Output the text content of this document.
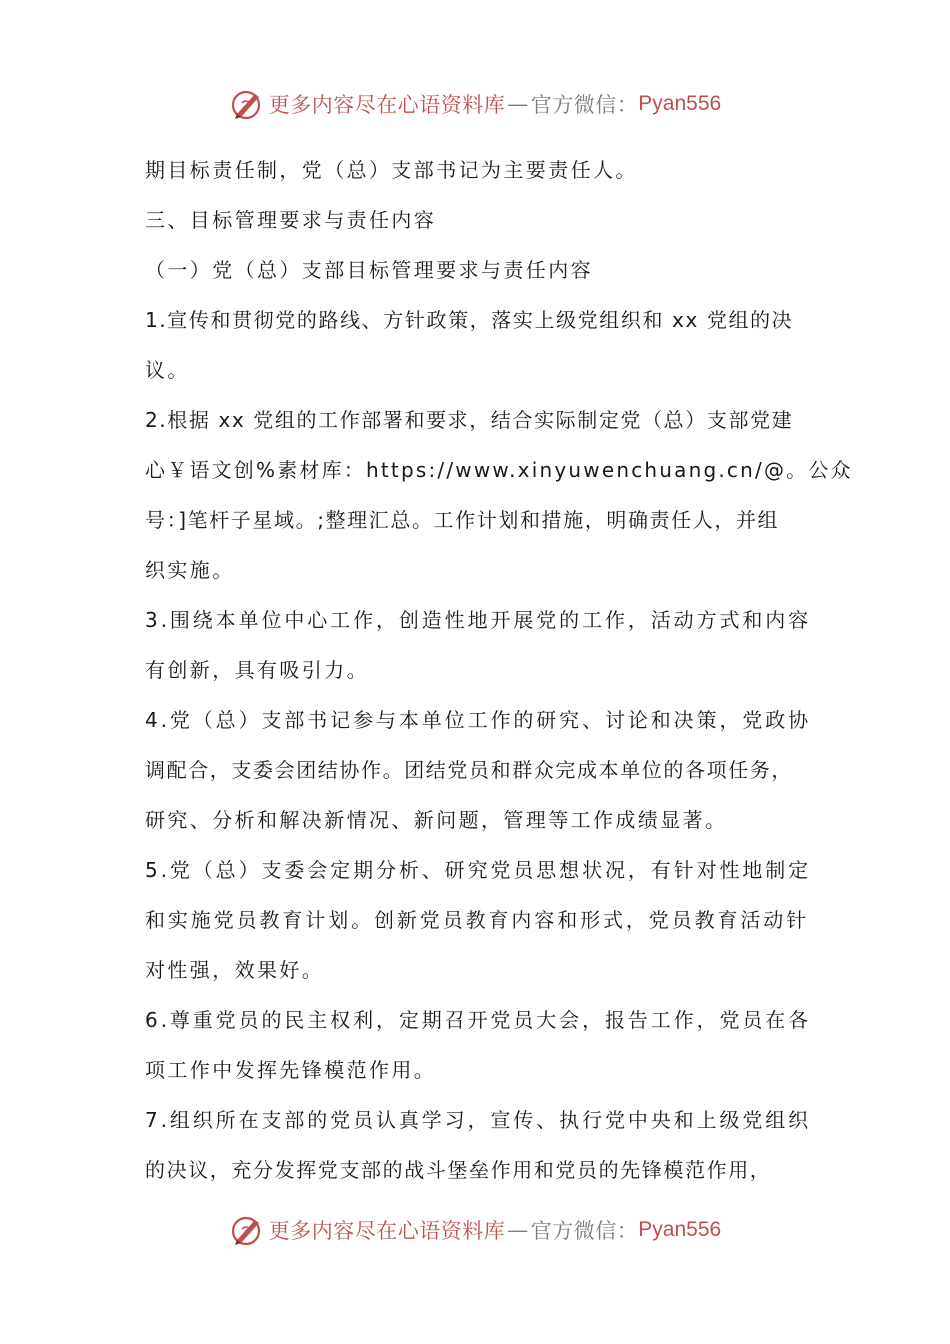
更多内容尽在心语资料库 — 官方微信： Pyan556
期目标责任制，党（总）支部书记为主要责任人。
三、目标管理要求与责任内容
（一）党（总）支部目标管理要求与责任内容
1.宣传和贯彻党的路线、方针政策，落实上级党组织和 xx 党组的决
议。
2.根据 xx 党组的工作部署和要求，结合实际制定党（总）支部党建
心￥语文创%素材库：https://www.xinyuwenchuang.cn/@。公众
号：]笔杆子星域。;整理汇总。工作计划和措施，明确责任人，并组
织实施。
3.围绕本单位中心工作，创造性地开展党的工作，活动方式和内容
有创新，具有吸引力。
4.党（总）支部书记参与本单位工作的研究、讨论和决策，党政协
调配合，支委会团结协作。团结党员和群众完成本单位的各项任务，
研究、分析和解决新情况、新问题，管理等工作成绩显著。
5.党（总）支委会定期分析、研究党员思想状况，有针对性地制定
和实施党员教育计划。创新党员教育内容和形式，党员教育活动针
对性强，效果好。
6.尊重党员的民主权利，定期召开党员大会，报告工作，党员在各
项工作中发挥先锋模范作用。
7.组织所在支部的党员认真学习，宣传、执行党中央和上级党组织
的决议，充分发挥党支部的战斗堡垒作用和党员的先锋模范作用，
更多内容尽在心语资料库 — 官方微信： Pyan556
